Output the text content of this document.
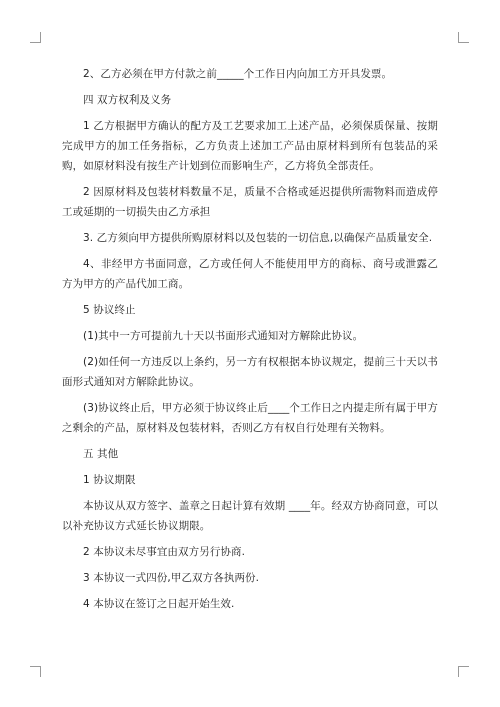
2、乙方必须在甲方付款之前_____个工作日内向加工方开具发票。

四 双方权利及义务

1 乙方根据甲方确认的配方及工艺要求加工上述产品，必须保质保量、按期完成甲方的加工任务指标，乙方负责上述加工产品由原材料到所有包装品的采购，如原材料没有按生产计划到位而影响生产，乙方将负全部责任。

2 因原材料及包装材料数量不足，质量不合格或延迟提供所需物料而造成停工或延期的一切损失由乙方承担

3. 乙方须向甲方提供所购原材料以及包装的一切信息,以确保产品质量安全.

4、非经甲方书面同意，乙方或任何人不能使用甲方的商标、商号或泄露乙方为甲方的产品代加工商。

5 协议终止

(1)其中一方可提前九十天以书面形式通知对方解除此协议。

(2)如任何一方违反以上条约，另一方有权根据本协议规定，提前三十天以书面形式通知对方解除此协议。

(3)协议终止后，甲方必须于协议终止后____个工作日之内提走所有属于甲方之剩余的产品，原材料及包装材料，否则乙方有权自行处理有关物料。

五 其他

1 协议期限

本协议从双方签字、盖章之日起计算有效期 ____年。经双方协商同意，可以以补充协议方式延长协议期限。

2 本协议未尽事宜由双方另行协商.

3 本协议一式四份,甲乙双方各执两份.

4 本协议在签订之日起开始生效.
